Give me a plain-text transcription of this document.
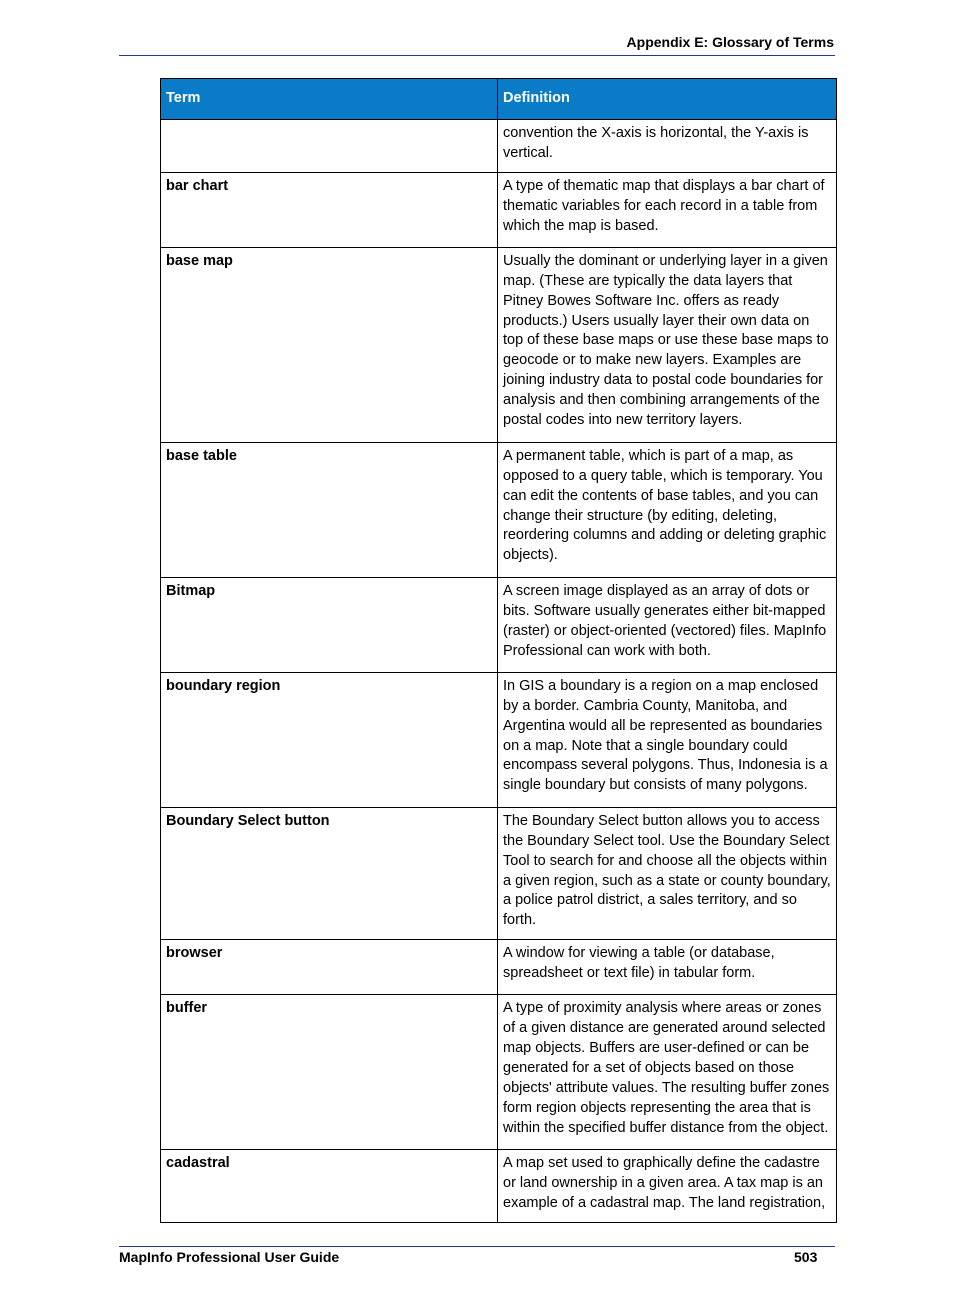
Appendix E: Glossary of Terms
Term	Definition
	convention the X-axis is horizontal, the Y-axis is vertical.
bar chart	A type of thematic map that displays a bar chart of thematic variables for each record in a table from which the map is based.
base map	Usually the dominant or underlying layer in a given map. (These are typically the data layers that Pitney Bowes Software Inc. offers as ready products.) Users usually layer their own data on top of these base maps or use these base maps to geocode or to make new layers. Examples are joining industry data to postal code boundaries for analysis and then combining arrangements of the postal codes into new territory layers.
base table	A permanent table, which is part of a map, as opposed to a query table, which is temporary. You can edit the contents of base tables, and you can change their structure (by editing, deleting, reordering columns and adding or deleting graphic objects).
Bitmap	A screen image displayed as an array of dots or bits. Software usually generates either bit-mapped (raster) or object-oriented (vectored) files. MapInfo Professional can work with both.
boundary region	In GIS a boundary is a region on a map enclosed by a border. Cambria County, Manitoba, and Argentina would all be represented as boundaries on a map. Note that a single boundary could encompass several polygons. Thus, Indonesia is a single boundary but consists of many polygons.
Boundary Select button	The Boundary Select button allows you to access the Boundary Select tool. Use the Boundary Select Tool to search for and choose all the objects within a given region, such as a state or county boundary, a police patrol district, a sales territory, and so forth.
browser	A window for viewing a table (or database, spreadsheet or text file) in tabular form.
buffer	A type of proximity analysis where areas or zones of a given distance are generated around selected map objects. Buffers are user-defined or can be generated for a set of objects based on those objects' attribute values. The resulting buffer zones form region objects representing the area that is within the specified buffer distance from the object.
cadastral	A map set used to graphically define the cadastre or land ownership in a given area. A tax map is an example of a cadastral map. The land registration,
MapInfo Professional User Guide	503
